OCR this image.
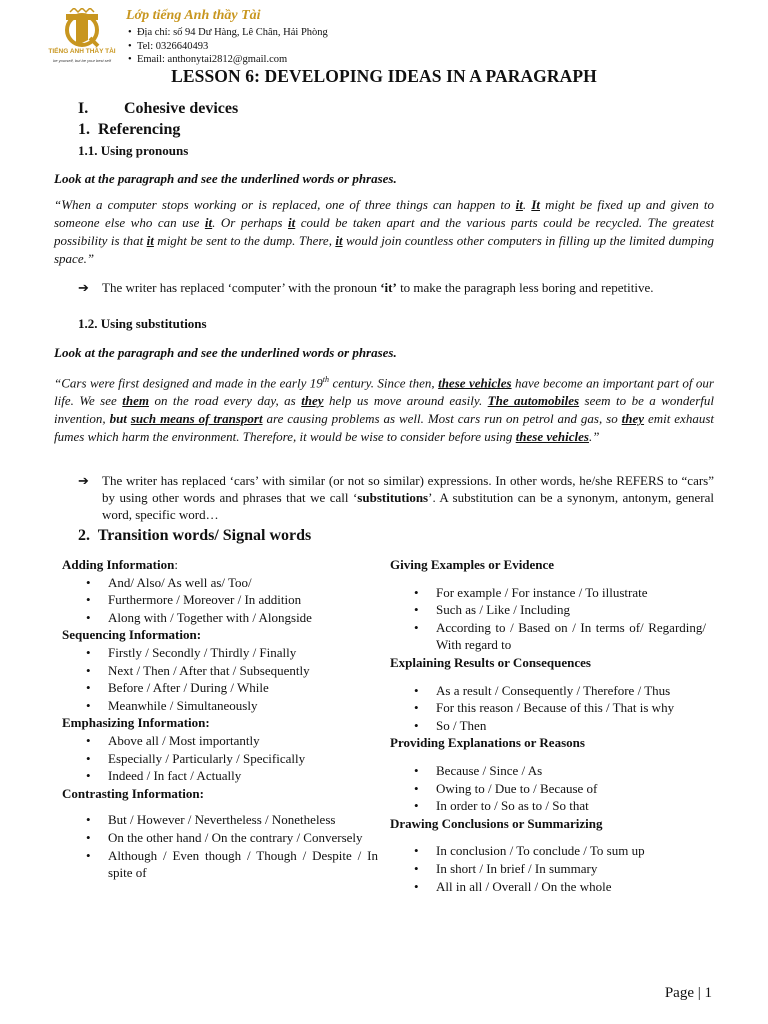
TIẾNG ANH THẦY TÀI
be yourself, but be your best self
Lớp tiếng Anh thầy Tài
•  Địa chỉ: số 94 Dư Hàng, Lê Chân, Hải Phòng
•  Tel: 0326640493
•  Email: anthonytai2812@gmail.com
LESSON 6: DEVELOPING IDEAS IN A PARAGRAPH
I. Cohesive devices
1.  Referencing
1.1. Using pronouns
Look at the paragraph and see the underlined words or phrases.
“When a computer stops working or is replaced, one of three things can happen to it. It might be fixed up and given to someone else who can use it. Or perhaps it could be taken apart and the various parts could be recycled. The greatest possibility is that it might be sent to the dump. There, it would join countless other computers in filling up the limited dumping space.”
➔ The writer has replaced ‘computer’ with the pronoun ‘it’ to make the paragraph less boring and repetitive.
1.2. Using substitutions
Look at the paragraph and see the underlined words or phrases.
“Cars were first designed and made in the early 19th century. Since then, these vehicles have become an important part of our life. We see them on the road every day, as they help us move around easily. The automobiles seem to be a wonderful invention, but such means of transport are causing problems as well. Most cars run on petrol and gas, so they emit exhaust fumes which harm the environment. Therefore, it would be wise to consider before using these vehicles.”
➔ The writer has replaced ‘cars’ with similar (or not so similar) expressions. In other words, he/she REFERS to “cars” by using other words and phrases that we call ‘substitutions’. A substitution can be a synonym, antonym, general word, specific word…
2.  Transition words/ Signal words
Adding Information:
• And/ Also/ As well as/ Too/
• Furthermore / Moreover / In addition
• Along with / Together with / Alongside
Sequencing Information:
• Firstly / Secondly / Thirdly / Finally
• Next / Then / After that / Subsequently
• Before / After / During / While
• Meanwhile / Simultaneously
Emphasizing Information:
• Above all / Most importantly
• Especially / Particularly / Specifically
• Indeed / In fact / Actually
Contrasting Information:
• But / However / Nevertheless / Nonetheless
• On the other hand / On the contrary / Conversely
• Although / Even though / Though / Despite / In spite of
Giving Examples or Evidence
• For example / For instance / To illustrate
• Such as / Like / Including
• According to / Based on / In terms of/ Regarding/ With regard to
Explaining Results or Consequences
• As a result / Consequently / Therefore / Thus
• For this reason / Because of this / That is why
• So / Then
Providing Explanations or Reasons
• Because / Since / As
• Owing to / Due to / Because of
• In order to / So as to / So that
Drawing Conclusions or Summarizing
• In conclusion / To conclude / To sum up
• In short / In brief / In summary
• All in all / Overall / On the whole
Page | 1
